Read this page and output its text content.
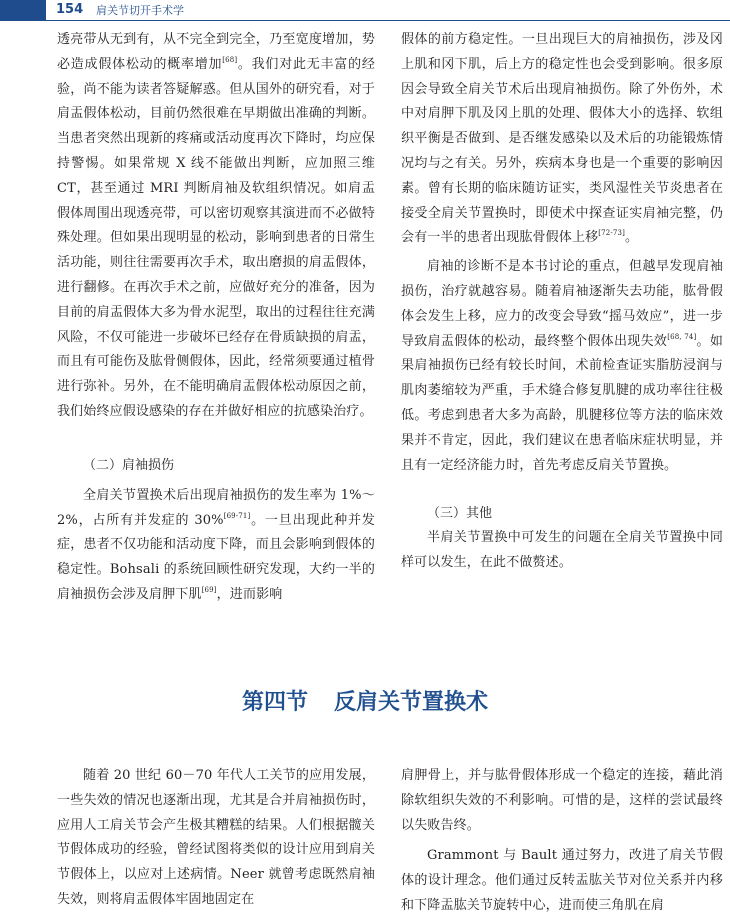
154 肩关节切开手术学

透亮带从无到有，从不完全到完全，乃至宽度增加，势必造成假体松动的概率增加[68]。我们对此无丰富的经验，尚不能为读者答疑解惑。但从国外的研究看，对于肩盂假体松动，目前仍然很难在早期做出准确的判断。当患者突然出现新的疼痛或活动度再次下降时，均应保持警惕。如果常规 X 线不能做出判断，应加照三维 CT，甚至通过 MRI 判断肩袖及软组织情况。如肩盂假体周围出现透亮带，可以密切观察其演进而不必做特殊处理。但如果出现明显的松动，影响到患者的日常生活功能，则往往需要再次手术，取出磨损的肩盂假体，进行翻修。在再次手术之前，应做好充分的准备，因为目前的肩盂假体大多为骨水泥型，取出的过程往往充满风险，不仅可能进一步破坏已经存在骨质缺损的肩盂，而且有可能伤及肱骨侧假体，因此，经常须要通过植骨进行弥补。另外，在不能明确肩盂假体松动原因之前，我们始终应假设感染的存在并做好相应的抗感染治疗。

（二）肩袖损伤

全肩关节置换术后出现肩袖损伤的发生率为 1%～2%，占所有并发症的 30%[69-71]。一旦出现此种并发症，患者不仅功能和活动度下降，而且会影响到假体的稳定性。Bohsali 的系统回顾性研究发现，大约一半的肩袖损伤会涉及肩胛下肌[69]，进而影响

假体的前方稳定性。一旦出现巨大的肩袖损伤，涉及冈上肌和冈下肌，后上方的稳定性也会受到影响。很多原因会导致全肩关节术后出现肩袖损伤。除了外伤外，术中对肩胛下肌及冈上肌的处理、假体大小的选择、软组织平衡是否做到、是否继发感染以及术后的功能锻炼情况均与之有关。另外，疾病本身也是一个重要的影响因素。曾有长期的临床随访证实，类风湿性关节炎患者在接受全肩关节置换时，即使术中探查证实肩袖完整，仍会有一半的患者出现肱骨假体上移[72-73]。

肩袖的诊断不是本书讨论的重点，但越早发现肩袖损伤，治疗就越容易。随着肩袖逐渐失去功能，肱骨假体会发生上移，应力的改变会导致“摇马效应”，进一步导致肩盂假体的松动，最终整个假体出现失效[68, 74]。如果肩袖损伤已经有较长时间，术前检查证实脂肪浸润与肌肉萎缩较为严重，手术缝合修复肌腱的成功率往往极低。考虑到患者大多为高龄，肌腱移位等方法的临床效果并不肯定，因此，我们建议在患者临床症状明显，并且有一定经济能力时，首先考虑反肩关节置换。

（三）其他

半肩关节置换中可发生的问题在全肩关节置换中同样可以发生，在此不做赘述。

第四节 反肩关节置换术

随着 20 世纪 60－70 年代人工关节的应用发展，一些失效的情况也逐渐出现，尤其是合并肩袖损伤时，应用人工肩关节会产生极其糟糕的结果。人们根据髋关节假体成功的经验，曾经试图将类似的设计应用到肩关节假体上，以应对上述病情。Neer 就曾考虑既然肩袖失效，则将肩盂假体牢固地固定在

肩胛骨上，并与肱骨假体形成一个稳定的连接，藉此消除软组织失效的不利影响。可惜的是，这样的尝试最终以失败告终。

Grammont 与 Bault 通过努力，改进了肩关节假体的设计理念。他们通过反转盂肱关节对位关系并内移和下降盂肱关节旋转中心，进而使三角肌在肩
